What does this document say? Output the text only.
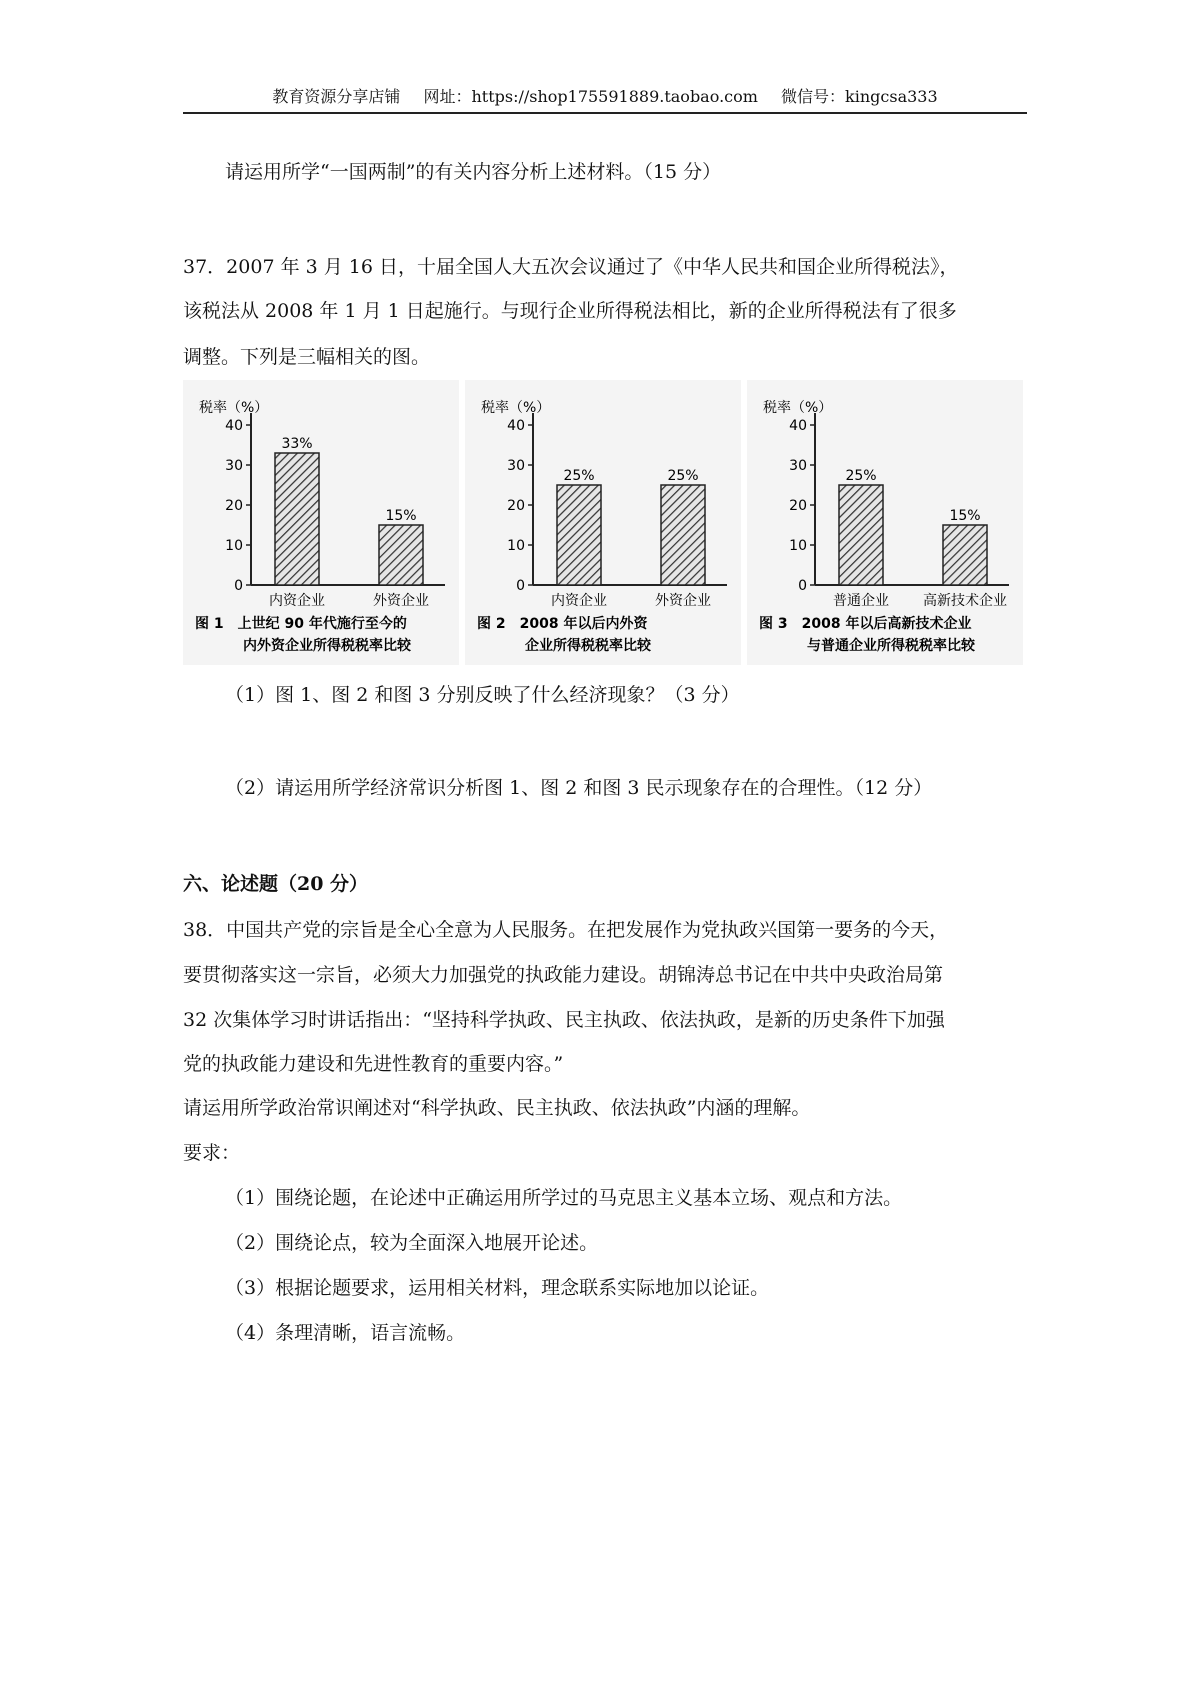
教育资源分享店铺 网址：https://shop175591889.taobao.com 微信号：kingcsa333
请运用所学“一国两制”的有关内容分析上述材料。（15 分）
37．2007 年 3 月 16 日，十届全国人大五次会议通过了《中华人民共和国企业所得税法》，
该税法从 2008 年 1 月 1 日起施行。与现行企业所得税法相比，新的企业所得税法有了很多
调整。下列是三幅相关的图。
税率（%）
0
10
20
30
40
33%
内资企业
15%
外资企业
图 1　上世纪 90 年代施行至今的
内外资企业所得税税率比较
税率（%）
0
10
20
30
40
25%
内资企业
25%
外资企业
图 2　2008 年以后内外资
企业所得税税率比较
税率（%）
0
10
20
30
40
25%
普通企业
15%
高新技术企业
图 3　2008 年以后高新技术企业
与普通企业所得税税率比较
（1）图 1、图 2 和图 3 分别反映了什么经济现象？（3 分）
（2）请运用所学经济常识分析图 1、图 2 和图 3 民示现象存在的合理性。（12 分）
六、论述题（20 分）
38．中国共产党的宗旨是全心全意为人民服务。在把发展作为党执政兴国第一要务的今天，
要贯彻落实这一宗旨，必须大力加强党的执政能力建设。胡锦涛总书记在中共中央政治局第
32 次集体学习时讲话指出：“坚持科学执政、民主执政、依法执政，是新的历史条件下加强
党的执政能力建设和先进性教育的重要内容。”
请运用所学政治常识阐述对“科学执政、民主执政、依法执政”内涵的理解。
要求：
（1）围绕论题，在论述中正确运用所学过的马克思主义基本立场、观点和方法。
（2）围绕论点，较为全面深入地展开论述。
（3）根据论题要求，运用相关材料，理念联系实际地加以论证。
（4）条理清晰，语言流畅。
